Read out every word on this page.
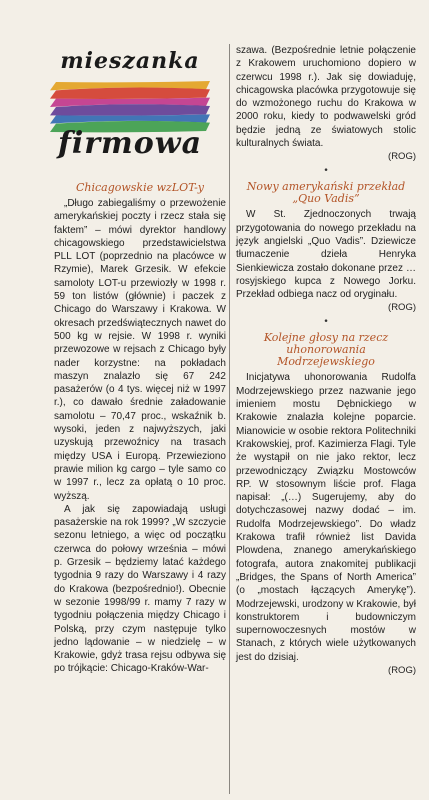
mieszanka
firmowa
Chicagowskie wzLOT-y

„Długo zabiegaliśmy o przewożenie amerykańskiej poczty i rzecz stała się faktem” – mówi dyrektor handlowy chicagowskiego przedstawicielstwa PLL LOT (poprzednio na placówce w Rzymie), Marek Grzesik. W efekcie samoloty LOT-u przewiozły w 1998 r. 59 ton listów (głównie) i paczek z Chicago do Warszawy i Krakowa. W okresach przedświątecznych nawet do 500 kg w rejsie. W 1998 r. wyniki przewozowe w rejsach z Chicago były nader korzystne: na pokładach maszyn znalazło się 67 242 pasażerów (o 4 tys. więcej niż w 1997 r.), co dawało średnie załadowanie samolotu – 70,47 proc., wskaźnik b. wysoki, jeden z najwyższych, jaki uzyskują przewoźnicy na trasach między USA i Europą. Przewieziono prawie milion kg cargo – tyle samo co w 1997 r., lecz za opłatą o 10 proc. wyższą.

A jak się zapowiadają usługi pasażerskie na rok 1999? „W szczycie sezonu letniego, a więc od początku czerwca do połowy września – mówi p. Grzesik – będziemy latać każdego tygodnia 9 razy do Warszawy i 4 razy do Krakowa (bezpośrednio!). Obecnie w sezonie 1998/99 r. mamy 7 razy w tygodniu połączenia między Chicago i Polską, przy czym następuje tylko jedno lądowanie – w niedzielę – w Krakowie, gdyż trasa rejsu odbywa się po trójkącie: Chicago-Kraków-War-

szawa. (Bezpośrednie letnie połączenie z Krakowem uruchomiono dopiero w czerwcu 1998 r.). Jak się dowiaduję, chicagowska placówka przygotowuje się do wzmożonego ruchu do Krakowa w 2000 roku, kiedy to podwawelski gród będzie jedną ze światowych stolic kulturalnych świata.

(ROG)
•
Nowy amerykański przekład
„Quo Vadis”

W St. Zjednoczonych trwają przygotowania do nowego przekładu na język angielski „Quo Vadis”. Dziewicze tłumaczenie dzieła Henryka Sienkiewicza zostało dokonane przez …rosyjskiego kupca z Nowego Jorku. Przekład odbiega nacz od oryginału.

(ROG)
•
Kolejne głosy na rzecz
uhonorowania Modrzejewskiego

Inicjatywa uhonorowania Rudolfa Modrzejewskiego przez nazwanie jego imieniem mostu Dębnickiego w Krakowie znalazła kolejne poparcie. Mianowicie w osobie rektora Politechniki Krakowskiej, prof. Kazimierza Flagi. Tyle że wystąpił on nie jako rektor, lecz przewodniczący Związku Mostowców RP. W stosownym liście prof. Flaga napisał: „(…) Sugerujemy, aby do dotychczasowej nazwy dodać – im. Rudolfa Modrzejewskiego”. Do władz Krakowa trafił również list Davida Plowdena, znanego amerykańskiego fotografa, autora znakomitej publikacji „Bridges, the Spans of North America” (o „mostach łączących Amerykę”). Modrzejewski, urodzony w Krakowie, był konstruktorem i budowniczym supernowoczesnych mostów w Stanach, z których wiele użytkowanych jest do dzisiaj.

(ROG)
